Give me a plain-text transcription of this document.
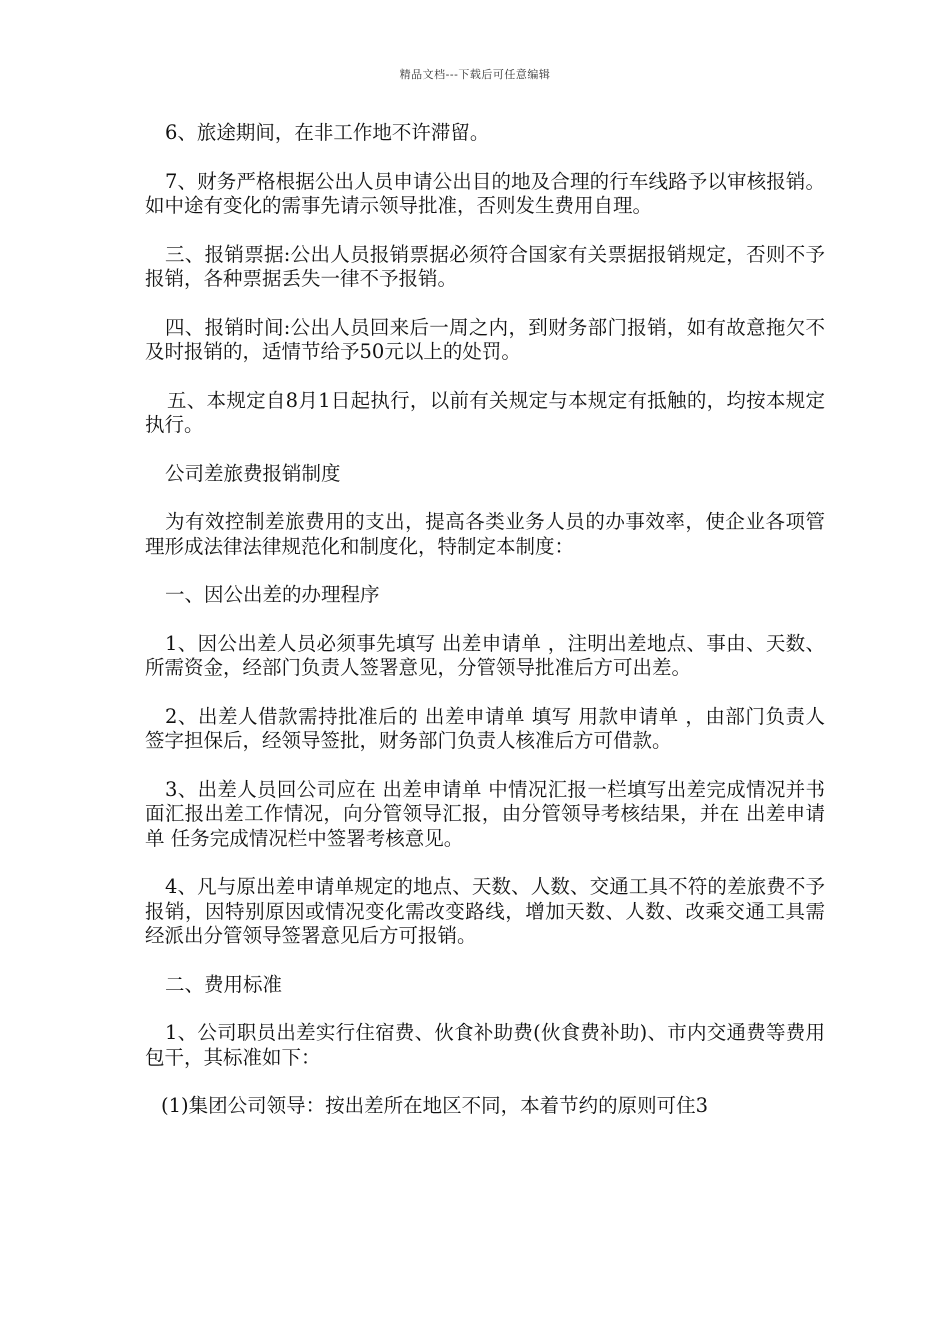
精品文档---下载后可任意编辑

6、旅途期间，在非工作地不许滞留。

7、财务严格根据公出人员申请公出目的地及合理的行车线路予以审核报销。如中途有变化的需事先请示领导批准，否则发生费用自理。

三、报销票据:公出人员报销票据必须符合国家有关票据报销规定，否则不予报销，各种票据丢失一律不予报销。

四、报销时间:公出人员回来后一周之内，到财务部门报销，如有故意拖欠不及时报销的，适情节给予50元以上的处罚。

五、本规定自8月1日起执行，以前有关规定与本规定有抵触的，均按本规定执行。

公司差旅费报销制度

为有效控制差旅费用的支出，提高各类业务人员的办事效率，使企业各项管理形成法律法律规范化和制度化，特制定本制度：

一、因公出差的办理程序

1、因公出差人员必须事先填写 出差申请单 ，注明出差地点、事由、天数、所需资金，经部门负责人签署意见，分管领导批准后方可出差。

2、出差人借款需持批准后的 出差申请单 填写 用款申请单 ，由部门负责人签字担保后，经领导签批，财务部门负责人核准后方可借款。

3、出差人员回公司应在 出差申请单 中情况汇报一栏填写出差完成情况并书面汇报出差工作情况，向分管领导汇报，由分管领导考核结果，并在 出差申请单 任务完成情况栏中签署考核意见。

4、凡与原出差申请单规定的地点、天数、人数、交通工具不符的差旅费不予报销，因特别原因或情况变化需改变路线，增加天数、人数、改乘交通工具需经派出分管领导签署意见后方可报销。

二、费用标准

1、公司职员出差实行住宿费、伙食补助费(伙食费补助)、市内交通费等费用包干，其标准如下：

(1)集团公司领导：按出差所在地区不同，本着节约的原则可住3
